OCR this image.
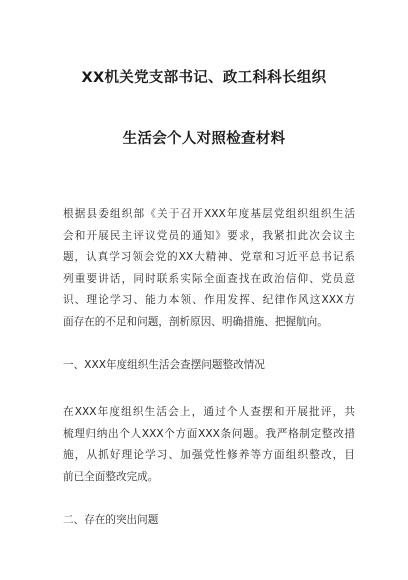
XX机关党支部书记、政工科科长组织
生活会个人对照检查材料
根据县委组织部《关于召开XXX年度基层党组织组织生活
会和开展民主评议党员的通知》要求，我紧扣此次会议主
题，认真学习领会党的XX大精神、党章和习近平总书记系
列重要讲话，同时联系实际全面查找在政治信仰、党员意
识、理论学习、能力本领、作用发挥、纪律作风这XXX方
面存在的不足和问题，剖析原因、明确措施、把握航向。
一、XXX年度组织生活会查摆问题整改情况
在XXX年度组织生活会上，通过个人查摆和开展批评，共
梳理归纳出个人XXX个方面XXX条问题。我严格制定整改措
施，从抓好理论学习、加强党性修养等方面组织整改，目
前已全面整改完成。
二、存在的突出问题
